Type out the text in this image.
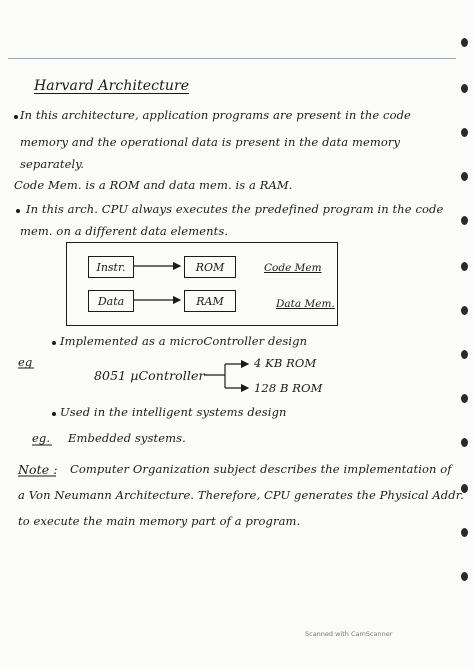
Harvard Architecture
In this architecture, application programs are present in the code
memory and the operational data is present in the data memory
separately.
Code Mem. is a ROM and data mem. is a RAM.
In this arch. CPU always executes the predefined program in the code
mem. on a different data elements.
Instr.	ROM
Data	RAM
Code Mem
Data Mem.
Implemented as a microController design
eg
8051 µController
4 KB ROM
128 B ROM
Used in the intelligent systems design
eg. Embedded systems.
Note : Computer Organization subject describes the implementation of
a Von Neumann Architecture. Therefore, CPU generates the Physical Addr.
to execute the main memory part of a program.
Scanned with CamScanner
